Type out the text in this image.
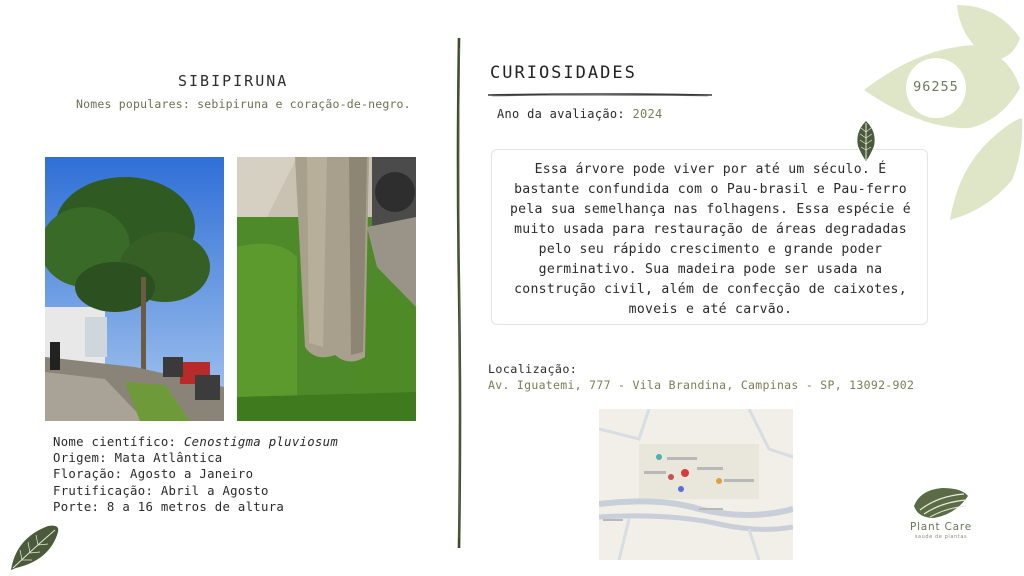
SIBIPIRUNA
Nomes populares: sebipiruna e coração-de-negro.
Nome científico: Cenostigma pluviosum
Origem: Mata Atlântica
Floração: Agosto a Janeiro
Frutificação: Abril a Agosto
Porte: 8 a 16 metros de altura
CURIOSIDADES
Ano da avaliação: 2024
Essa árvore pode viver por até um século. É bastante confundida com o Pau-brasil e Pau-ferro pela sua semelhança nas folhagens. Essa espécie é muito usada para restauração de áreas degradadas pelo seu rápido crescimento e grande poder germinativo. Sua madeira pode ser usada na construção civil, além de confecção de caixotes, moveis e até carvão.
Localização:
Av. Iguatemi, 777 - Vila Brandina, Campinas - SP, 13092-902
96255
Plant Care
saúde de plantas
